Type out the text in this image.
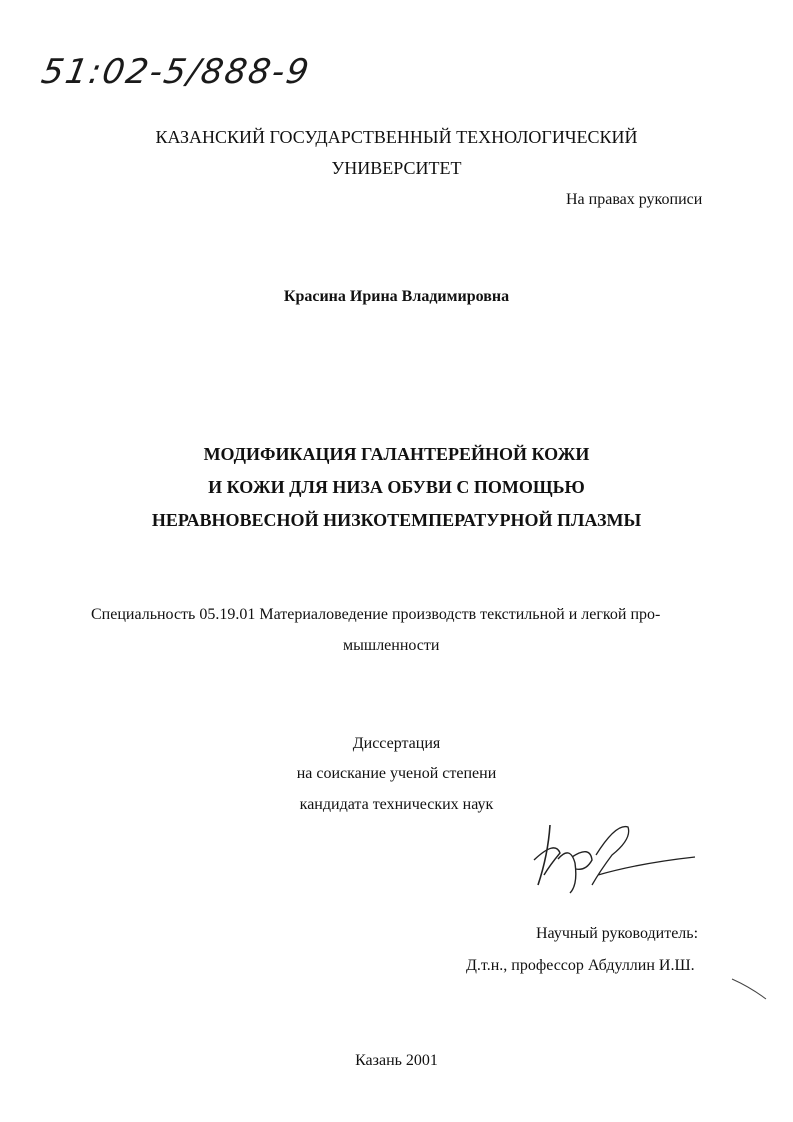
51:02-5/888-9
КАЗАНСКИЙ ГОСУДАРСТВЕННЫЙ ТЕХНОЛОГИЧЕСКИЙ
УНИВЕРСИТЕТ
На правах рукописи
Красина Ирина Владимировна
МОДИФИКАЦИЯ ГАЛАНТЕРЕЙНОЙ КОЖИ
И КОЖИ ДЛЯ НИЗА ОБУВИ С ПОМОЩЬЮ
НЕРАВНОВЕСНОЙ НИЗКОТЕМПЕРАТУРНОЙ ПЛАЗМЫ
Специальность 05.19.01 Материаловедение производств текстильной и легкой про-
мышленности
Диссертация
на соискание ученой степени
кандидата технических наук
Научный руководитель:
Д.т.н., профессор Абдуллин И.Ш.
Казань 2001
